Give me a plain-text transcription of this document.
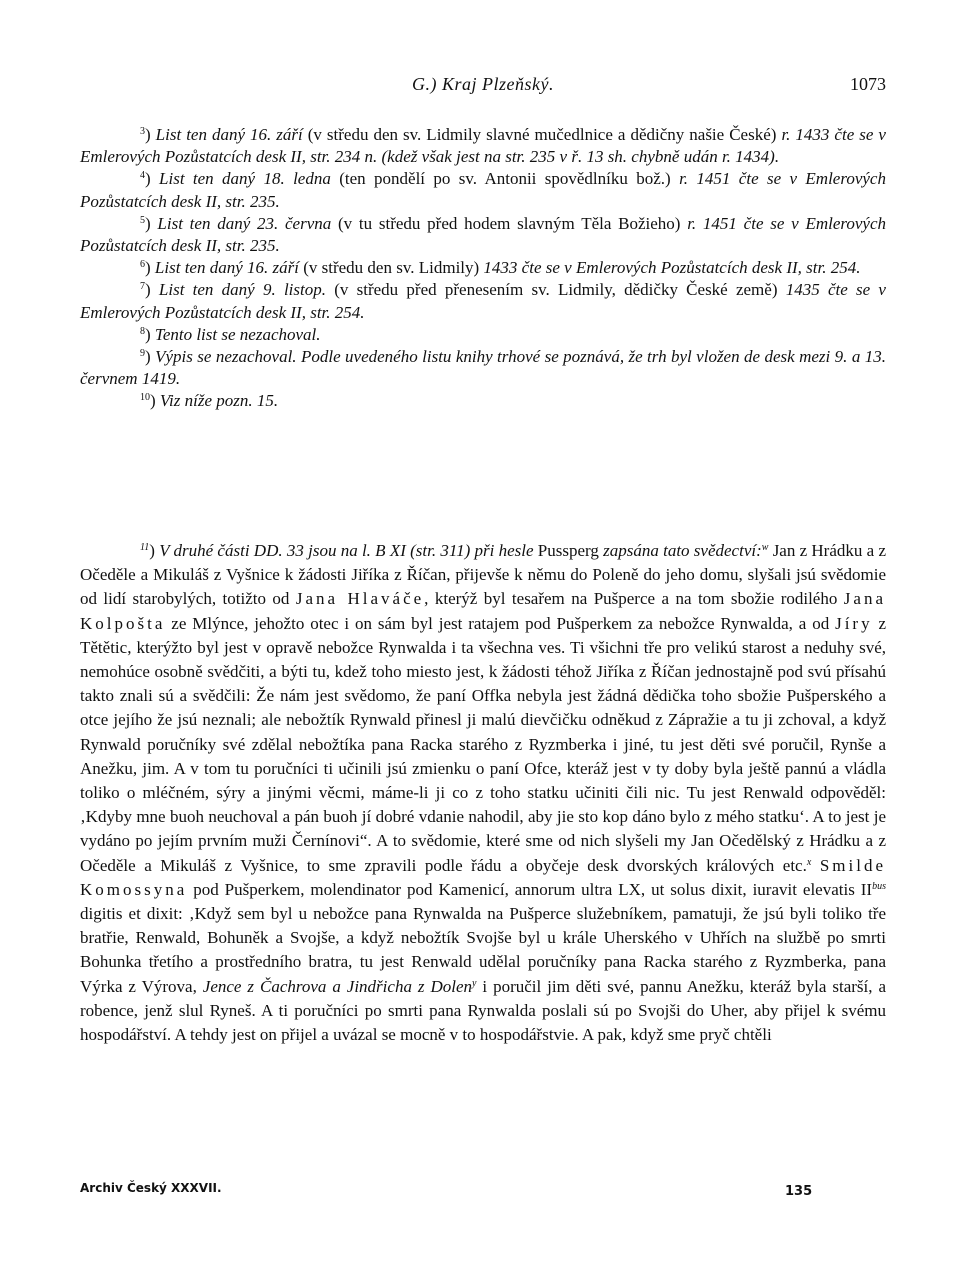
G.) Kraj Plzeňský.	1073

$^3$) List ten daný 16. září (v středu den sv. Lidmily slavné mučedlnice a dědičny našie České) r. 1433 čte se v Emlerových Pozůstatcích desk II, str. 234 n. (kdež však jest na str. 235 v ř. 13 sh. chybně udán r. 1434).

$^4$) List ten daný 18. ledna (ten pondělí po sv. Antonii spovědlníku bož.) r. 1451 čte se v Emlerových Pozůstatcích desk II, str. 235.

$^5$) List ten daný 23. června (v tu středu před hodem slavným Těla Božieho) r. 1451 čte se v Emlerových Pozůstatcích desk II, str. 235.

$^6$) List ten daný 16. září (v středu den sv. Lidmily) 1433 čte se v Emlerových Pozůstatcích desk II, str. 254.

$^7$) List ten daný 9. listop. (v středu před přenesením sv. Lidmily, dědičky České země) 1435 čte se v Emlerových Pozůstatcích desk II, str. 254.

$^8$) Tento list se nezachoval.

$^9$) Výpis se nezachoval. Podle uvedeného listu knihy trhové se poznává, že trh byl vložen de desk mezi 9. a 13. červnem 1419.

$^{10}$) Viz níže pozn. 15.

$^{11}$) V druhé části DD. 33 jsou na l. B XI (str. 311) při hesle Pussperg zapsána tato svědectví:$^w$ Jan z Hrádku a z Očeděle a Mikuláš z Vyšnice k žádosti Jiříka z Říčan, přijevše k němu do Poleně do jeho domu, slyšali jsú svědomie od lidí starobylých, totižto od Jana Hlaváče, kterýž byl tesařem na Pušperce a na tom sbožie rodilého Jana Kolpošta ze Mlýnce, jehožto otec i on sám byl jest ratajem pod Pušperkem za nebožce Rynwalda, a od Jíry z Tětětic, kterýžto byl jest v opravě nebožce Rynwalda i ta všechna ves. Ti všichni tře pro velikú starost a neduhy své, nemohúce osobně svědčiti, a býti tu, kdež toho miesto jest, k žádosti téhož Jiříka z Říčan jednostajně pod svú přísahú takto znali sú a svědčili: Že nám jest svědomo, že paní Offka nebyla jest žádná dědička toho sbožie Pušperského a otce jejího že jsú neznali; ale nebožtík Rynwald přinesl ji malú dievčičku odněkud z Zápražie a tu ji zchoval, a když Rynwald poručníky své zdělal nebožtíka pana Racka starého z Ryzmberka i jiné, tu jest děti své poručil, Rynše a Anežku, jim. A v tom tu poručníci ti učinili jsú zmienku o paní Ofce, kteráž jest v ty doby byla ještě pannú a vládla toliko o mléčném, sýry a jinými věcmi, máme-li ji co z toho statku učiniti čili nic. Tu jest Renwald odpověděl: ‚Kdyby mne buoh neuchoval a pán buoh jí dobré vdanie nahodil, aby jie sto kop dáno bylo z mého statku‘. A to jest je vydáno po jejím prvním muži Černínovi“. A to svědomie, které sme od nich slyšeli my Jan Očedělský z Hrádku a z Očeděle a Mikuláš z Vyšnice, to sme zpravili podle řádu a obyčeje desk dvorských králových etc.$^x$ Smilde Komossyna pod Pušperkem, molendinator pod Kamenicí, annorum ultra LX, ut solus dixit, iuravit elevatis $II^{bus}$ digitis et dixit: ‚Když sem byl u nebožce pana Rynwalda na Pušperce služebníkem, pamatuji, že jsú byli toliko tře bratřie, Renwald, Bohuněk a Svojše, a když nebožtík Svojše byl u krále Uherského v Uhřích na službě po smrti Bohunka třetího a prostředního bratra, tu jest Renwald udělal poručníky pana Racka starého z Ryzmberka, pana Výrka z Výrova, Jence z Čachrova a Jindřicha z Dolen$^y$ i poručil jim děti své, pannu Anežku, kteráž byla starší, a robence, jenž slul Ryneš. A ti poručníci po smrti pana Rynwalda poslali sú po Svojši do Uher, aby přijel k svému hospodářství. A tehdy jest on přijel a uvázal se mocně v to hospodářstvie. A pak, když sme pryč chtěli

Archiv Český XXXVII.	135
